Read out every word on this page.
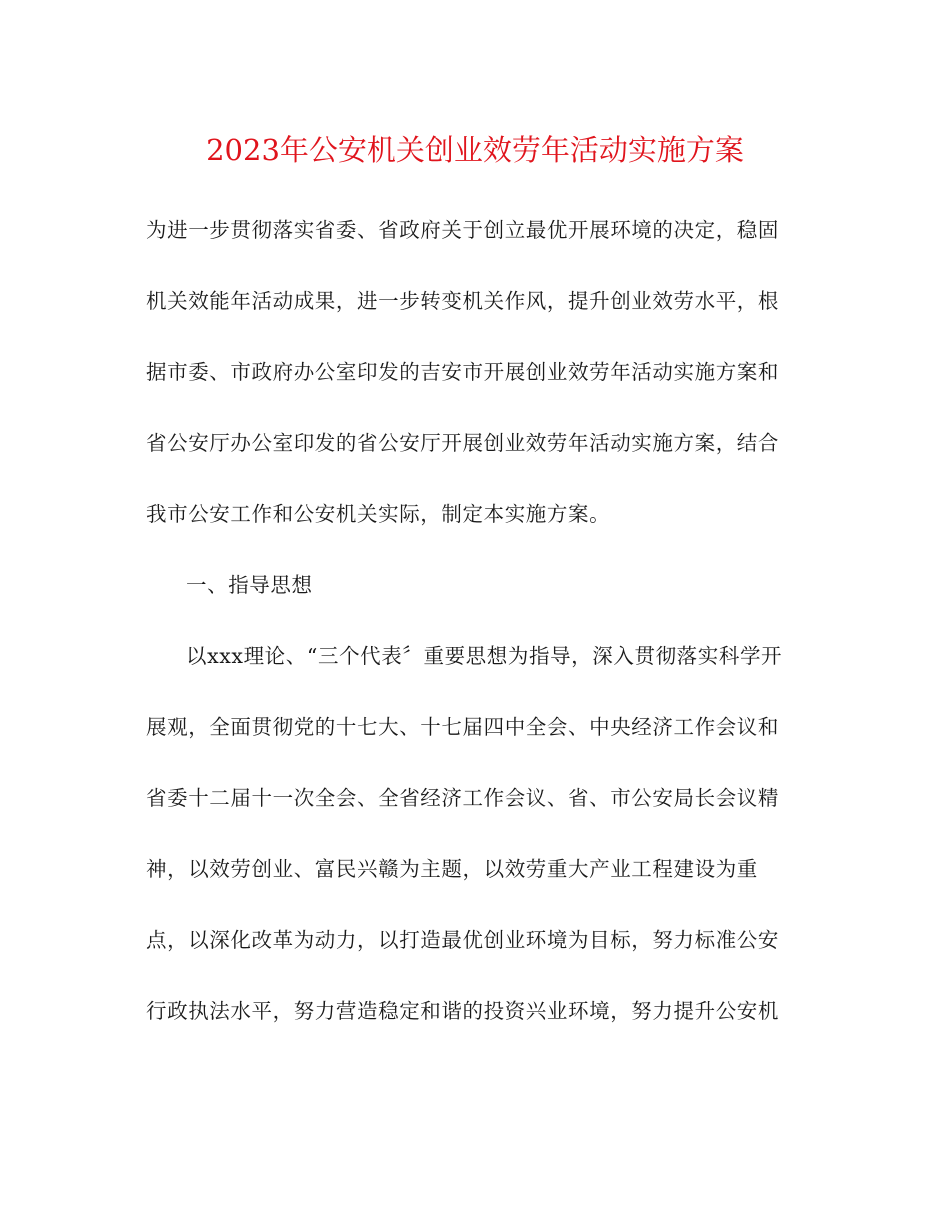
2023年公安机关创业效劳年活动实施方案
为进一步贯彻落实省委、省政府关于创立最优开展环境的决定，稳固
机关效能年活动成果，进一步转变机关作风，提升创业效劳水平，根
据市委、市政府办公室印发的吉安市开展创业效劳年活动实施方案和
省公安厅办公室印发的省公安厅开展创业效劳年活动实施方案，结合
我市公安工作和公安机关实际，制定本实施方案。
一、指导思想
以xxx理论、“三个代表〞重要思想为指导，深入贯彻落实科学开
展观，全面贯彻党的十七大、十七届四中全会、中央经济工作会议和
省委十二届十一次全会、全省经济工作会议、省、市公安局长会议精
神，以效劳创业、富民兴赣为主题，以效劳重大产业工程建设为重
点，以深化改革为动力，以打造最优创业环境为目标，努力标准公安
行政执法水平，努力营造稳定和谐的投资兴业环境，努力提升公安机
